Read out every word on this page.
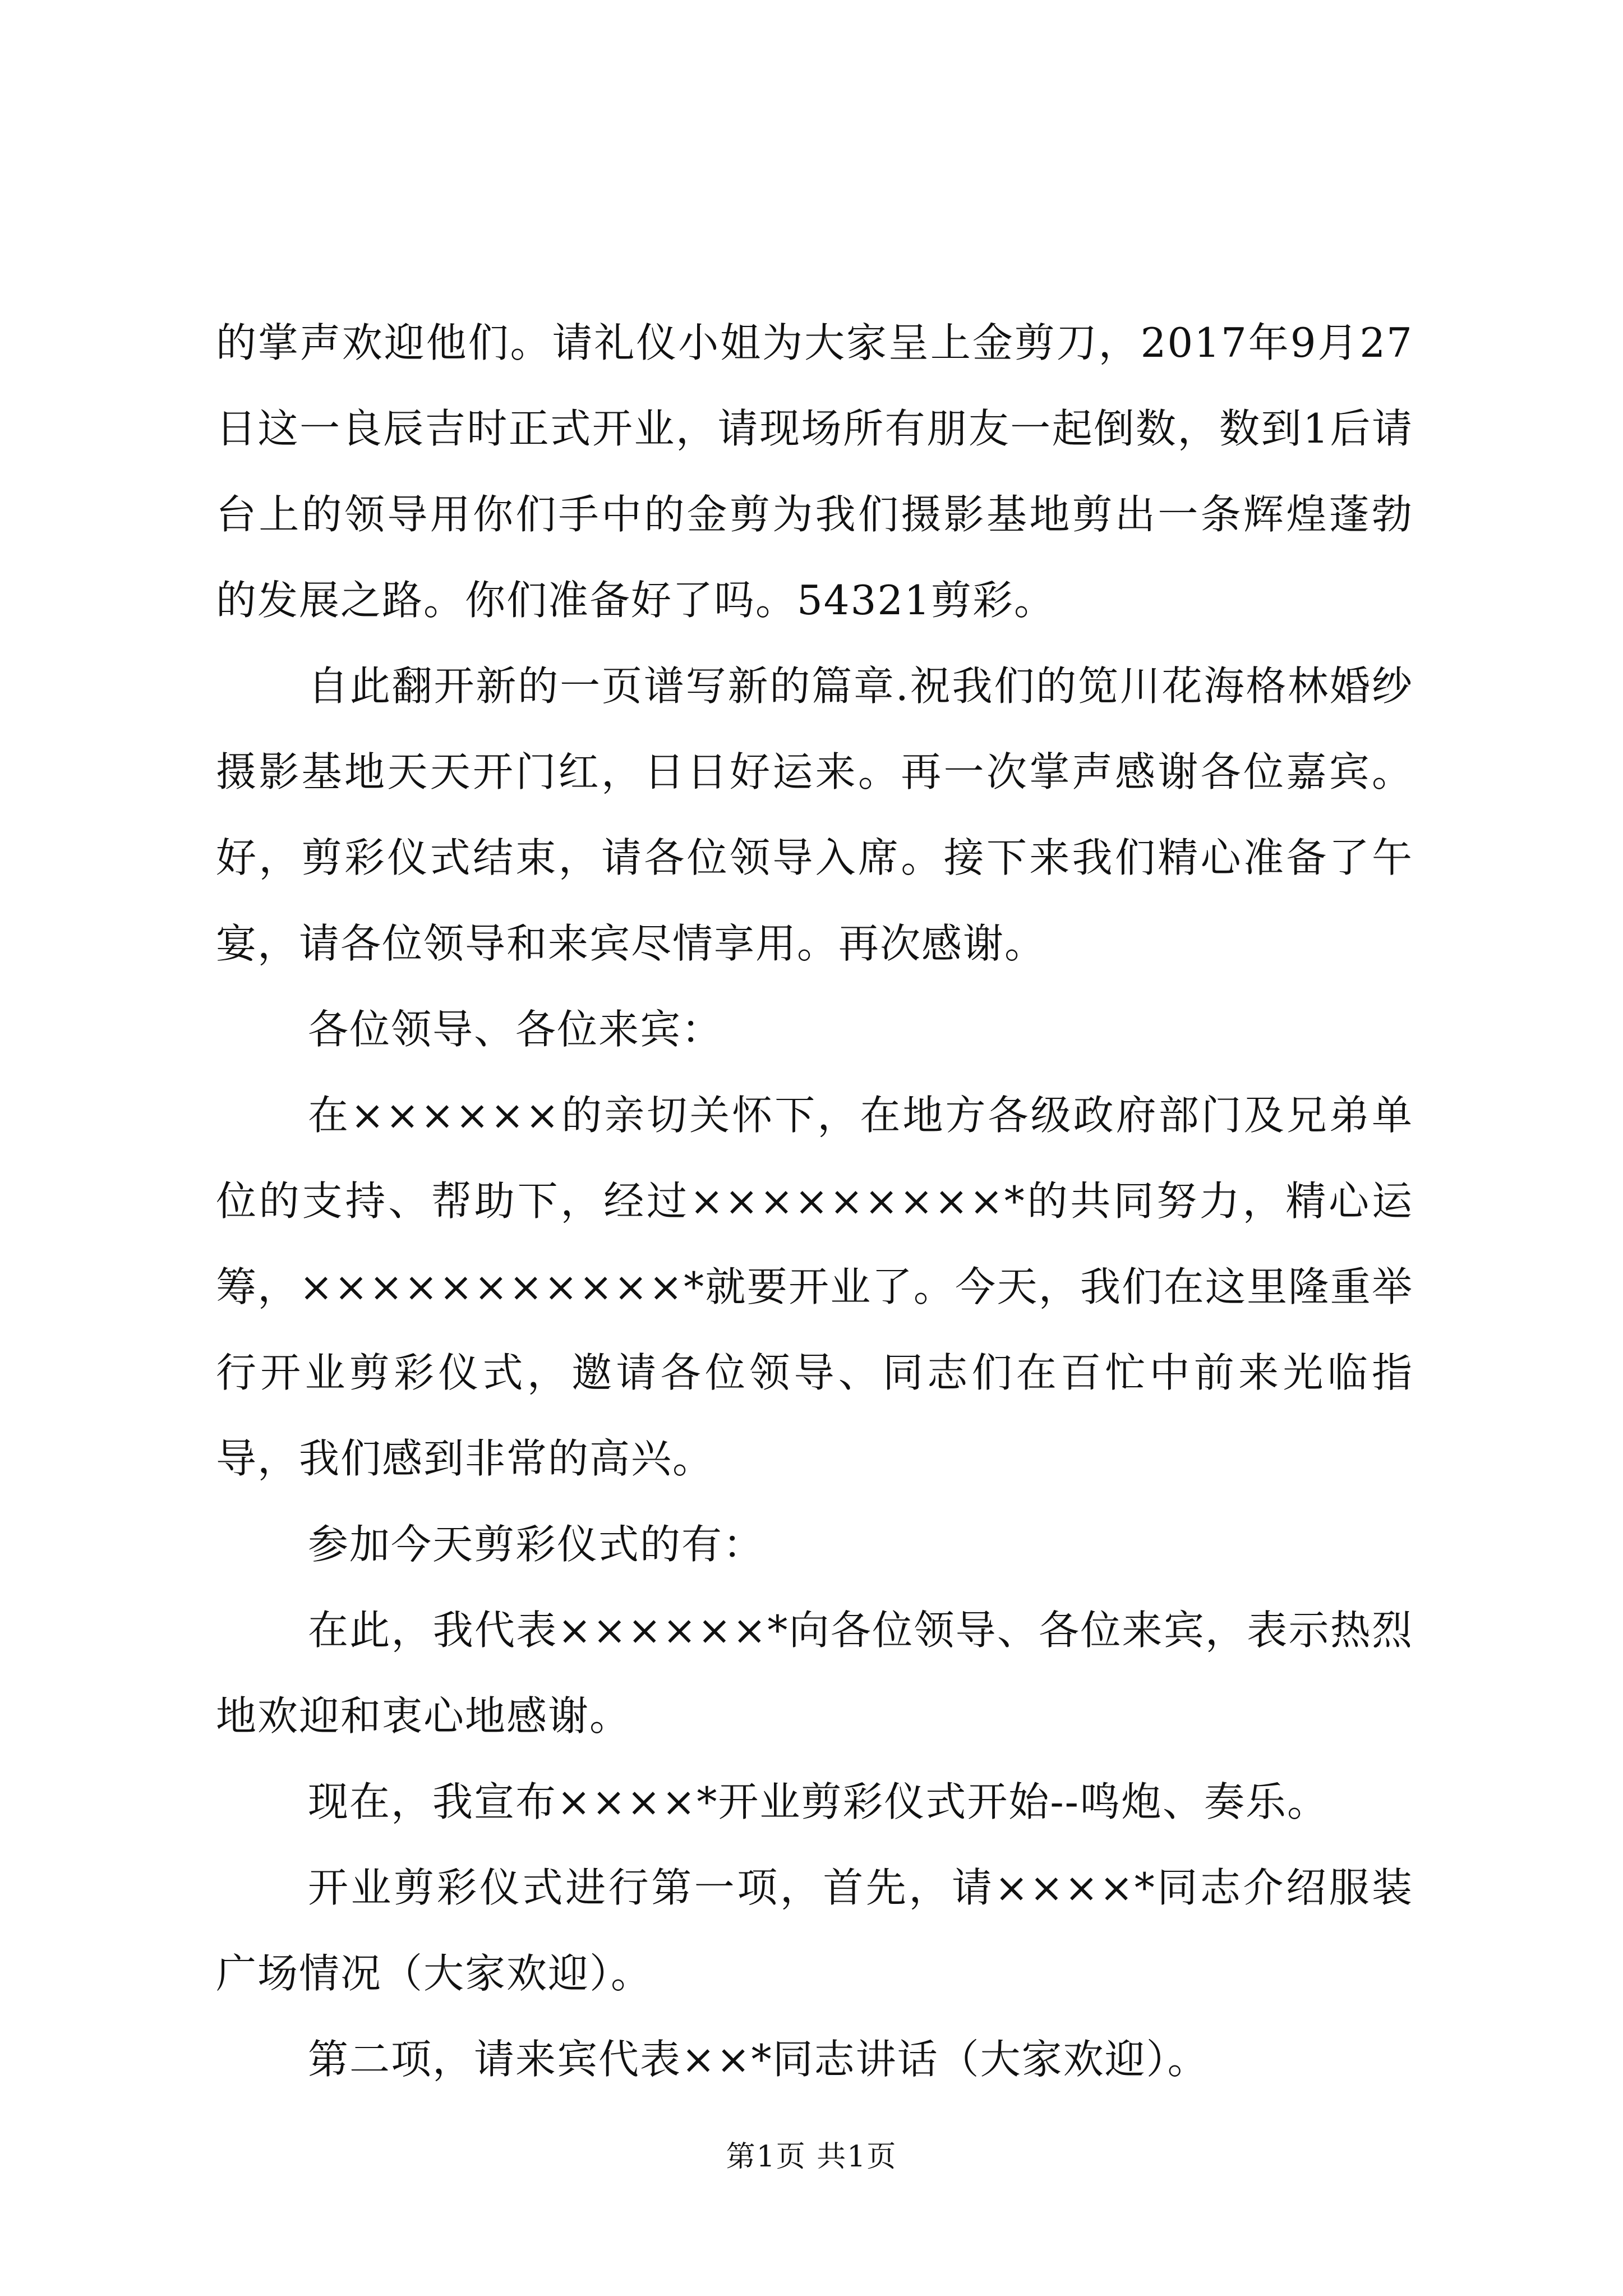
的掌声欢迎他们。请礼仪小姐为大家呈上金剪刀，2017年9月27日这一良辰吉时正式开业，请现场所有朋友一起倒数，数到1后请台上的领导用你们手中的金剪为我们摄影基地剪出一条辉煌蓬勃的发展之路。你们准备好了吗。54321剪彩。

自此翻开新的一页谱写新的篇章.祝我们的笕川花海格林婚纱摄影基地天天开门红，日日好运来。再一次掌声感谢各位嘉宾。好，剪彩仪式结束，请各位领导入席。接下来我们精心准备了午宴，请各位领导和来宾尽情享用。再次感谢。

各位领导、各位来宾：

在××××××的亲切关怀下，在地方各级政府部门及兄弟单位的支持、帮助下，经过×××××××××*的共同努力，精心运筹，×××××××××××*就要开业了。今天，我们在这里隆重举行开业剪彩仪式，邀请各位领导、同志们在百忙中前来光临指导，我们感到非常的高兴。

参加今天剪彩仪式的有：

在此，我代表××××××*向各位领导、各位来宾，表示热烈地欢迎和衷心地感谢。

现在，我宣布××××*开业剪彩仪式开始--鸣炮、奏乐。

开业剪彩仪式进行第一项，首先，请××××*同志介绍服装广场情况（大家欢迎）。

第二项，请来宾代表××*同志讲话（大家欢迎）。

第1页 共1页
